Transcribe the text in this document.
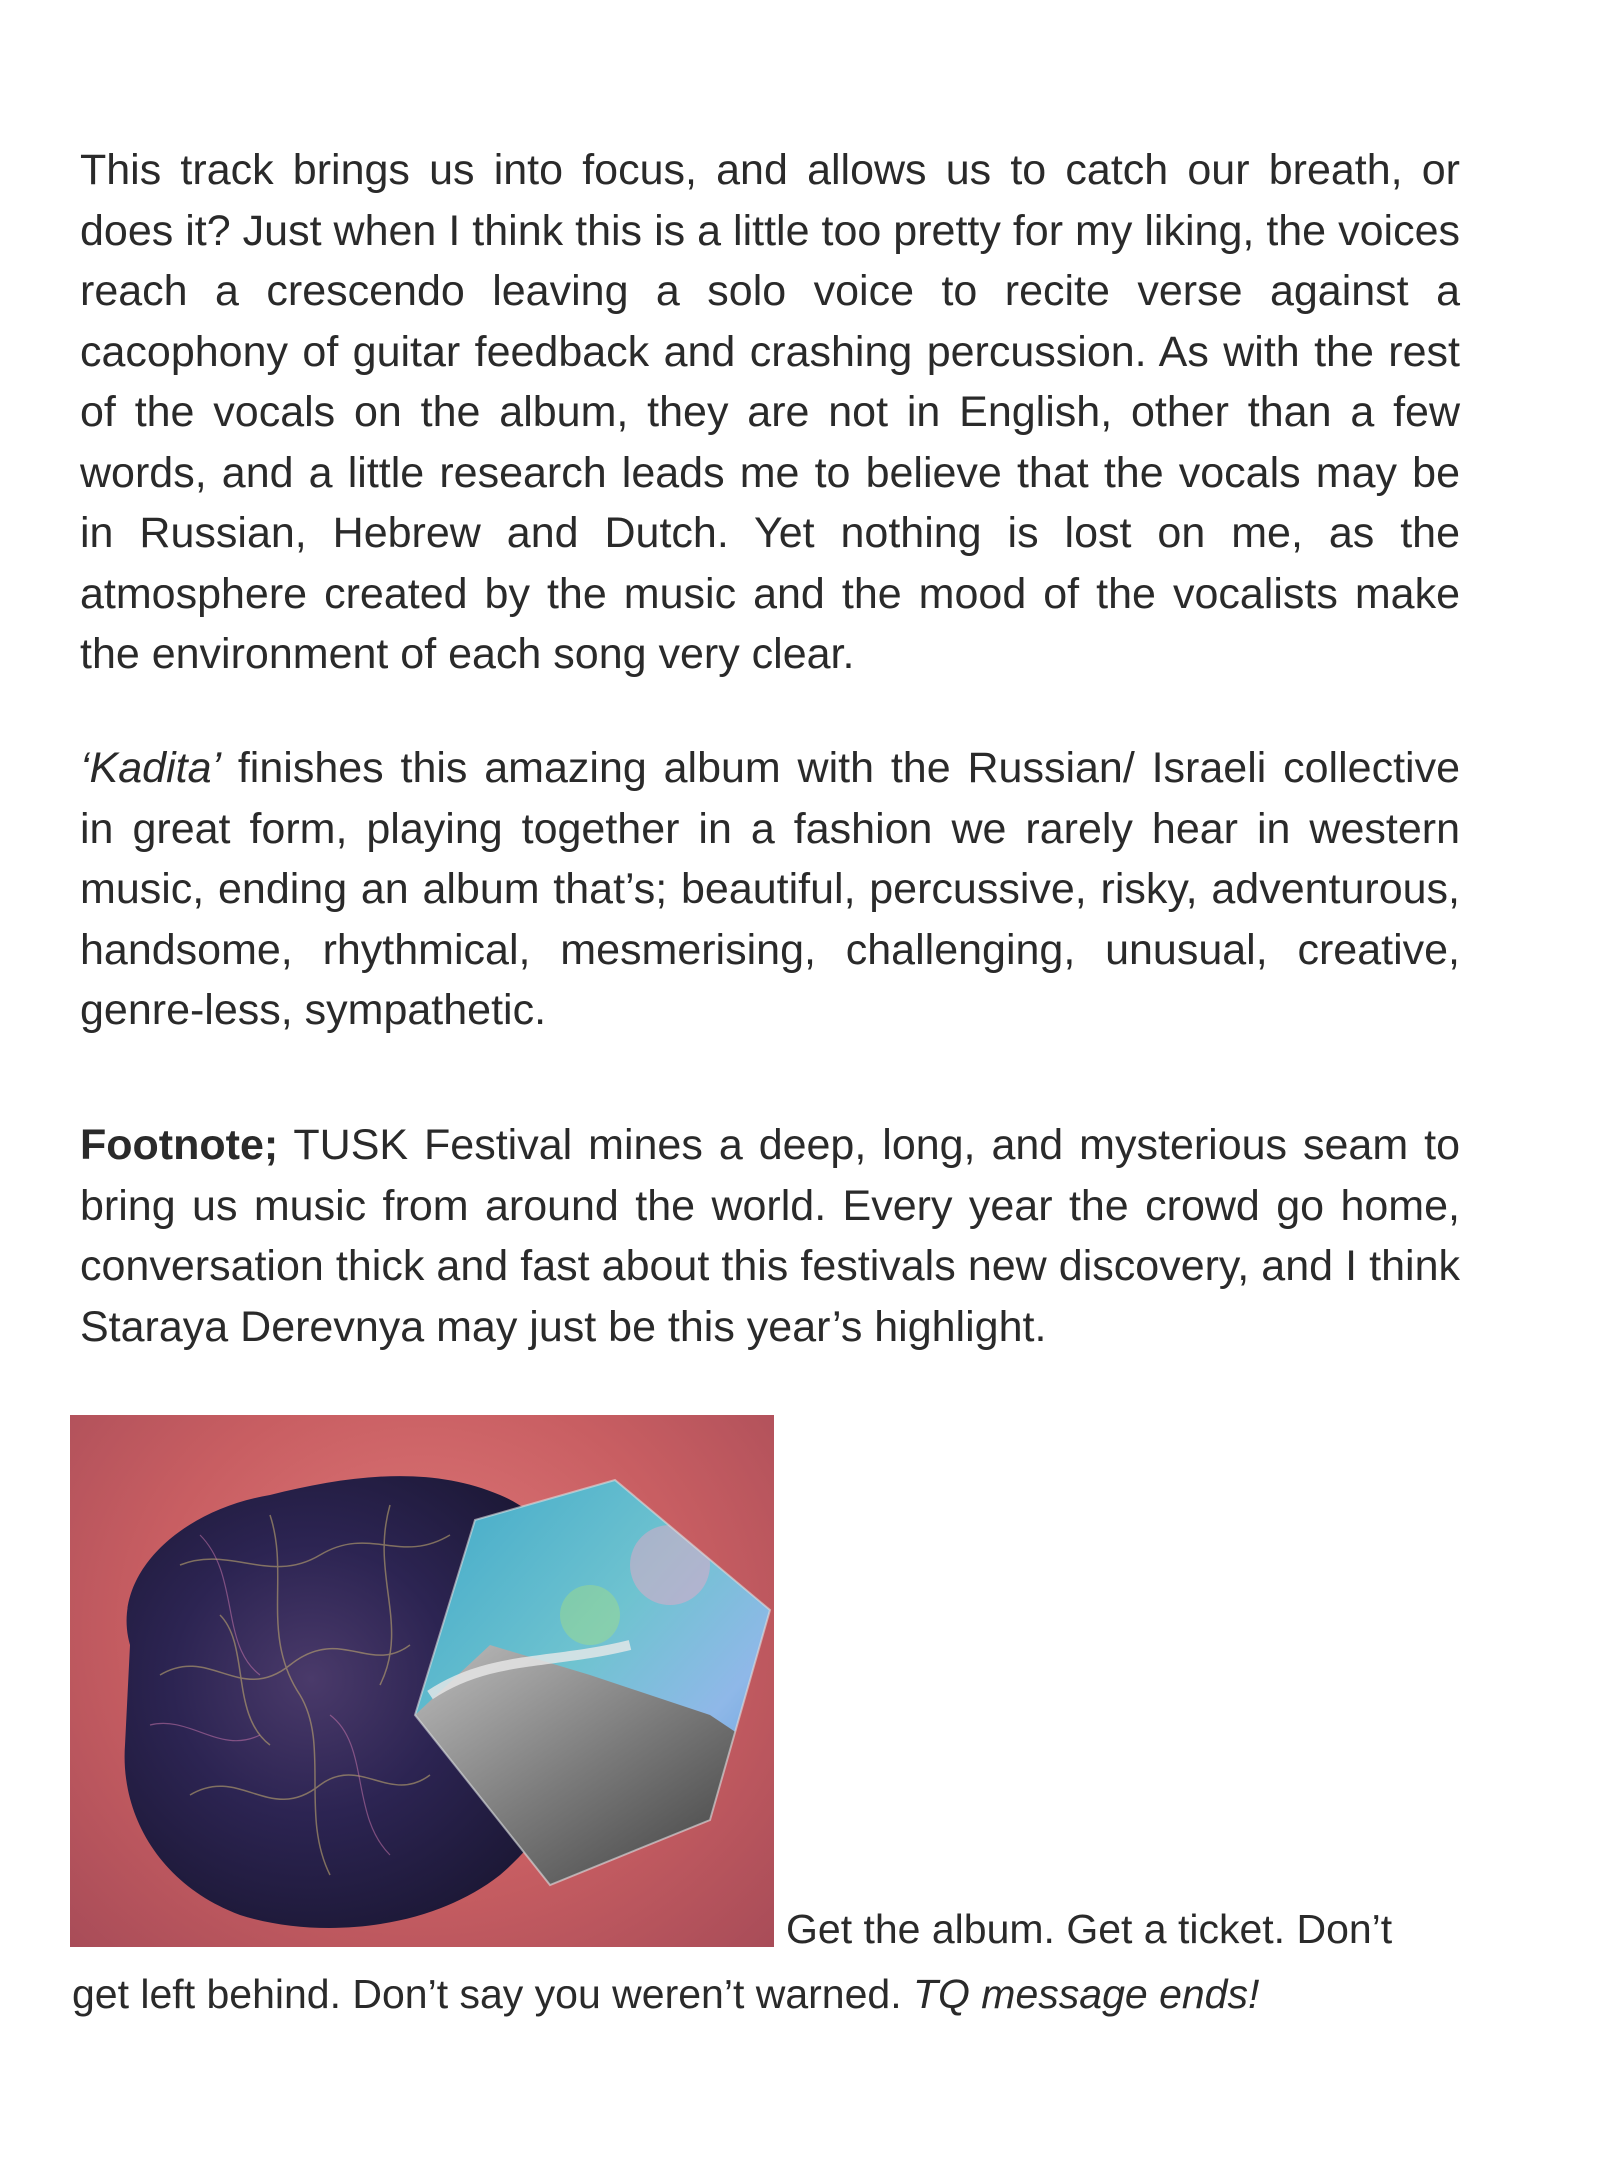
This track brings us into focus, and allows us to catch our breath, or does it? Just when I think this is a little too pretty for my liking, the voices reach a crescendo leaving a solo voice to recite verse against a cacophony of guitar feedback and crashing percussion. As with the rest of the vocals on the album, they are not in English, other than a few words, and a little research leads me to believe that the vocals may be in Russian, Hebrew and Dutch. Yet nothing is lost on me, as the atmosphere created by the music and the mood of the vocalists make the environment of each song very clear.

‘Kadita’ finishes this amazing album with the Russian/ Israeli collective in great form, playing together in a fashion we rarely hear in western music, ending an album that’s; beautiful, percussive, risky, adventurous, handsome, rhythmical, mesmerising, challenging, unusual, creative, genre-less, sympathetic.

Footnote; TUSK Festival mines a deep, long, and mysterious seam to bring us music from around the world. Every year the crowd go home, conversation thick and fast about this festivals new discovery, and I think Staraya Derevnya may just be this year’s highlight.

Get the album. Get a ticket. Don’t

get left behind. Don’t say you weren’t warned. TQ message ends!
